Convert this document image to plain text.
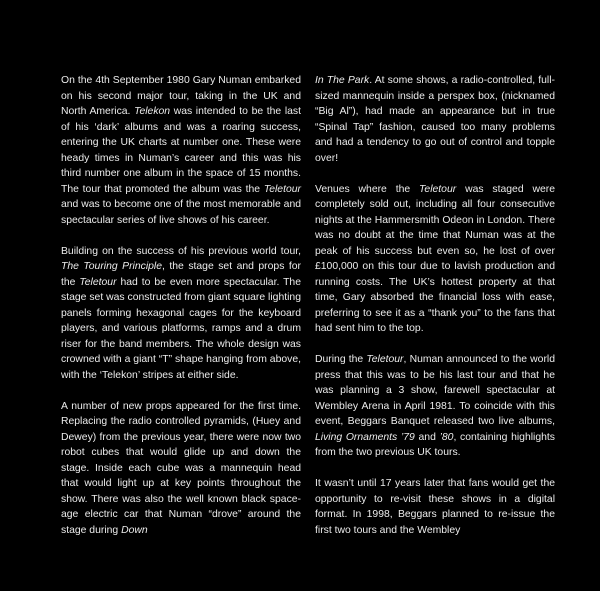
On the 4th September 1980 Gary Numan embarked on his second major tour, taking in the UK and North America. Telekon was intended to be the last of his ‘dark’ albums and was a roaring success, entering the UK charts at number one. These were heady times in Numan’s career and this was his third number one album in the space of 15 months. The tour that promoted the album was the Teletour and was to become one of the most memorable and spectacular series of live shows of his career.

Building on the success of his previous world tour, The Touring Principle, the stage set and props for the Teletour had to be even more spectacular. The stage set was constructed from giant square lighting panels forming hexagonal cages for the keyboard players, and various platforms, ramps and a drum riser for the band members. The whole design was crowned with a giant “T” shape hanging from above, with the ‘Telekon’ stripes at either side.

A number of new props appeared for the first time. Replacing the radio controlled pyramids, (Huey and Dewey) from the previous year, there were now two robot cubes that would glide up and down the stage. Inside each cube was a mannequin head that would light up at key points throughout the show. There was also the well known black space-age electric car that Numan “drove” around the stage during Down

In The Park. At some shows, a radio-controlled, full-sized mannequin inside a perspex box, (nicknamed “Big Al”), had made an appearance but in true “Spinal Tap” fashion, caused too many problems and had a tendency to go out of control and topple over!

Venues where the Teletour was staged were completely sold out, including all four consecutive nights at the Hammersmith Odeon in London. There was no doubt at the time that Numan was at the peak of his success but even so, he lost of over £100,000 on this tour due to lavish production and running costs. The UK’s hottest property at that time, Gary absorbed the financial loss with ease, preferring to see it as a “thank you” to the fans that had sent him to the top.

During the Teletour, Numan announced to the world press that this was to be his last tour and that he was planning a 3 show, farewell spectacular at Wembley Arena in April 1981. To coincide with this event, Beggars Banquet released two live albums, Living Ornaments ’79 and ’80, containing highlights from the two previous UK tours.

It wasn’t until 17 years later that fans would get the opportunity to re-visit these shows in a digital format. In 1998, Beggars planned to re-issue the first two tours and the Wembley
